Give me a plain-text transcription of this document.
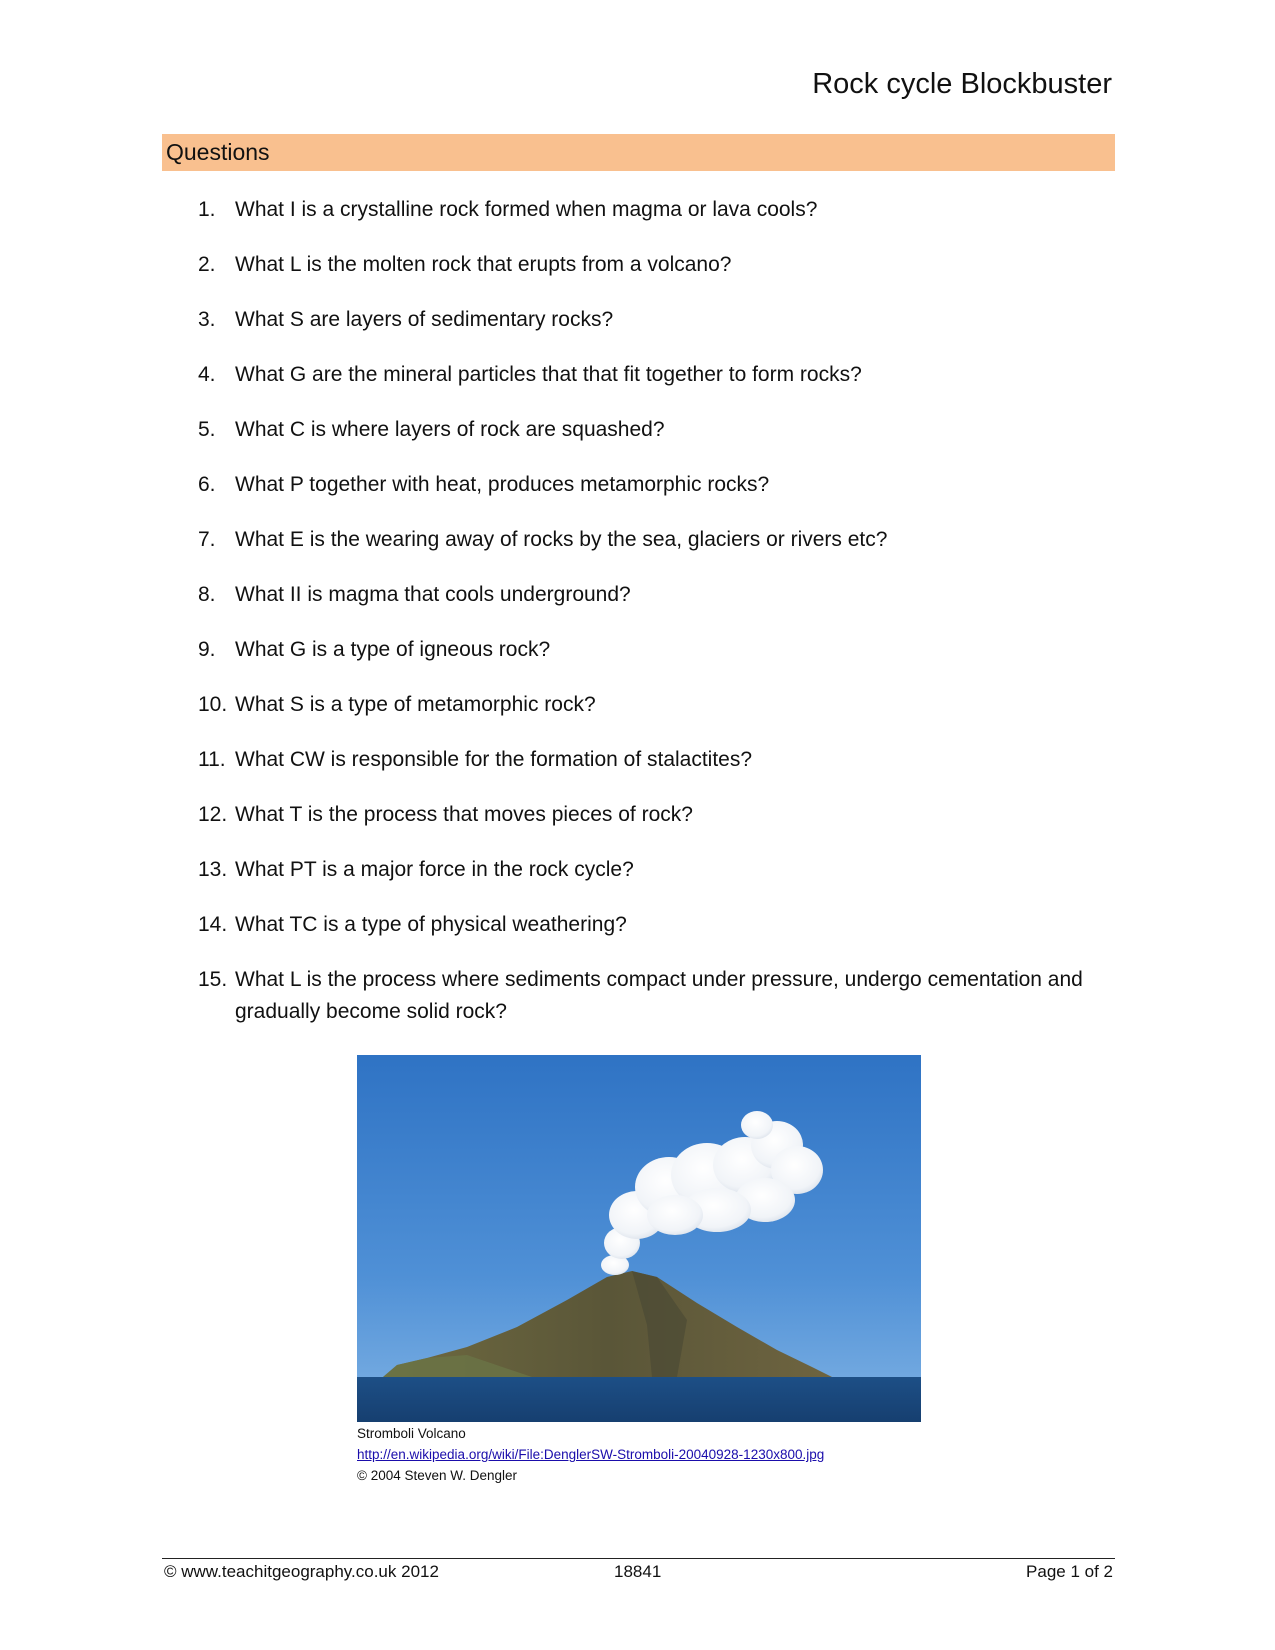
Rock cycle Blockbuster
Questions
1. What I is a crystalline rock formed when magma or lava cools?
2. What L is the molten rock that erupts from a volcano?
3. What S are layers of sedimentary rocks?
4. What G are the mineral particles that that fit together to form rocks?
5. What C is where layers of rock are squashed?
6. What P together with heat, produces metamorphic rocks?
7. What E is the wearing away of rocks by the sea, glaciers or rivers etc?
8. What II is magma that cools underground?
9. What G is a type of igneous rock?
10. What S is a type of metamorphic rock?
11. What CW is responsible for the formation of stalactites?
12. What T is the process that moves pieces of rock?
13. What PT is a major force in the rock cycle?
14. What TC is a type of physical weathering?
15. What L is the process where sediments compact under pressure, undergo cementation and gradually become solid rock?
Stromboli Volcano
http://en.wikipedia.org/wiki/File:DenglerSW-Stromboli-20040928-1230x800.jpg
© 2004 Steven W. Dengler
© www.teachitgeography.co.uk 2012	18841	Page 1 of 2
